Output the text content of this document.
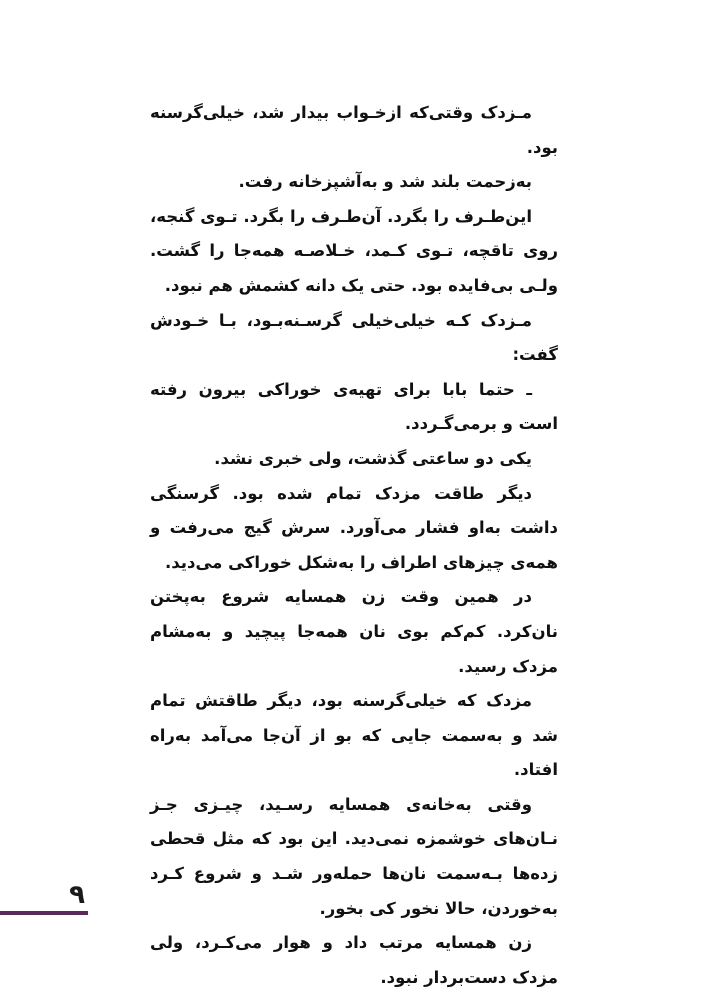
مـزدک وقتی‌که ازخـواب بیدار شد، خیلی‌گرسنه بود.

به‌زحمت بلند شد و به‌آشپزخانه رفت.

این‌طـرف را بگرد. آن‌طـرف را بگرد. تـوی گنجه، روی تاقچه، تـوی کـمد، خـلاصـه همه‌جا را گشت. ولـی بی‌فایده بود. حتی یک دانه کشمش هم نبود.

مـزدک کـه خیلی‌خیلی گرسـنه‌بـود، بـا خـودش گفت:

ـ حتما بابا برای تهیه‌ی خوراکی بیرون رفته است و برمی‌گـردد.

یکی دو ساعتی گذشت، ولی خبری نشد.

دیگر طاقت مزدک تمام شده بود. گرسنگی داشت به‌او فشار می‌آورد. سرش گیج می‌رفت و همه‌ی چیزهای اطراف را به‌شکل خوراکی می‌دید.

در همین وقت زن همسایه شروع به‌پختن نان‌کرد. کم‌کم بوی نان همه‌جا پیچید و به‌مشام مزدک رسید.

مزدک که خیلی‌گرسنه بود، دیگر طاقتش تمام شد و به‌سمت جایی که بو از آن‌جا می‌آمد به‌راه افتاد.

وقتی به‌خانه‌ی همسایه رسـید، چیـزی جـز نـان‌های خوشمزه نمی‌دید. این بود که مثل قحطی زده‌ها بـه‌سمت نان‌ها حمله‌ور شـد و شروع کـرد به‌خوردن، حالا نخور کی بخور.

زن همسایه مرتب داد و هوار می‌کـرد، ولی مزدک دست‌بردار نبود.

۹
